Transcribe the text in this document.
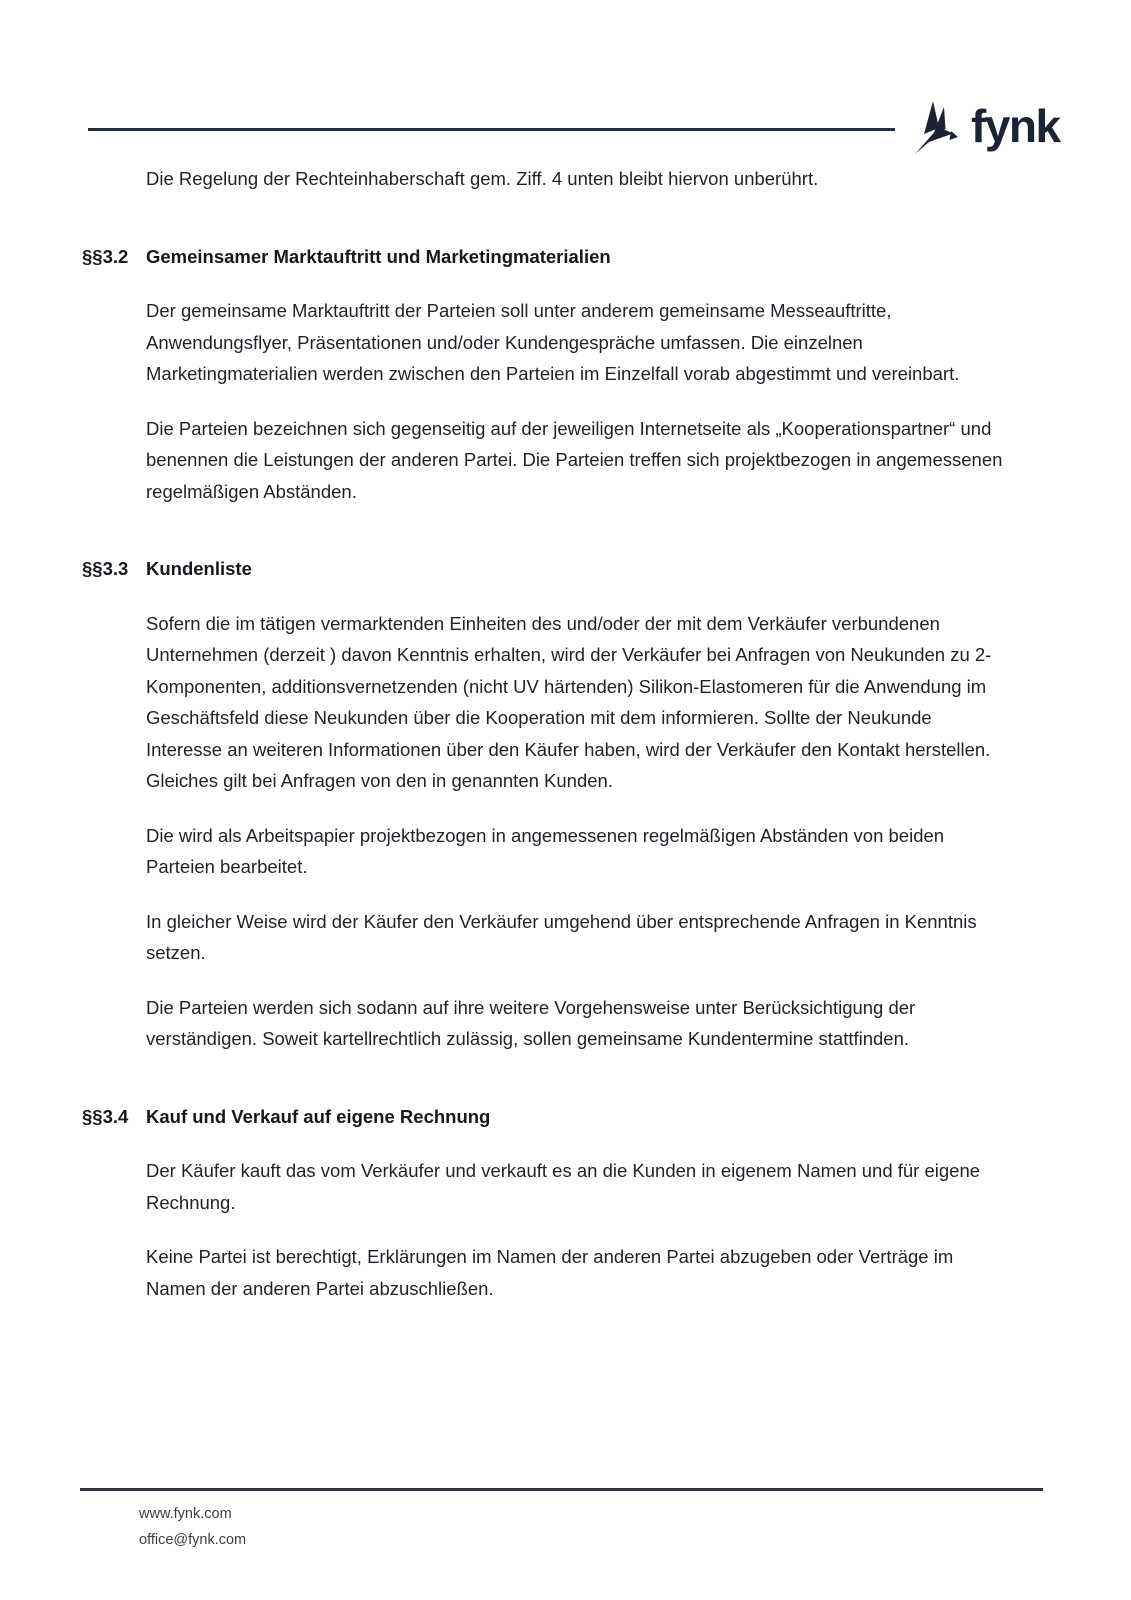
fynk

Die Regelung der Rechteinhaberschaft gem. Ziff. 4 unten bleibt hiervon unberührt.

§§3.2 Gemeinsamer Marktauftritt und Marketingmaterialien

Der gemeinsame Marktauftritt der Parteien soll unter anderem gemeinsame Messeauftritte, Anwendungsflyer, Präsentationen und/oder Kundengespräche umfassen. Die einzelnen Marketingmaterialien werden zwischen den Parteien im Einzelfall vorab abgestimmt und vereinbart.

Die Parteien bezeichnen sich gegenseitig auf der jeweiligen Internetseite als „Kooperationspartner“ und benennen die Leistungen der anderen Partei. Die Parteien treffen sich projektbezogen in angemessenen regelmäßigen Abständen.

§§3.3 Kundenliste

Sofern die im tätigen vermarktenden Einheiten des und/oder der mit dem Verkäufer verbundenen Unternehmen (derzeit ) davon Kenntnis erhalten, wird der Verkäufer bei Anfragen von Neukunden zu 2-Komponenten, additionsvernetzenden (nicht UV härtenden) Silikon-Elastomeren für die Anwendung im Geschäftsfeld diese Neukunden über die Kooperation mit dem informieren. Sollte der Neukunde Interesse an weiteren Informationen über den Käufer haben, wird der Verkäufer den Kontakt herstellen. Gleiches gilt bei Anfragen von den in genannten Kunden.

Die wird als Arbeitspapier projektbezogen in angemessenen regelmäßigen Abständen von beiden Parteien bearbeitet.

In gleicher Weise wird der Käufer den Verkäufer umgehend über entsprechende Anfragen in Kenntnis setzen.

Die Parteien werden sich sodann auf ihre weitere Vorgehensweise unter Berücksichtigung der verständigen. Soweit kartellrechtlich zulässig, sollen gemeinsame Kundentermine stattfinden.

§§3.4 Kauf und Verkauf auf eigene Rechnung

Der Käufer kauft das vom Verkäufer und verkauft es an die Kunden in eigenem Namen und für eigene Rechnung.

Keine Partei ist berechtigt, Erklärungen im Namen der anderen Partei abzugeben oder Verträge im Namen der anderen Partei abzuschließen.

www.fynk.com
office@fynk.com
